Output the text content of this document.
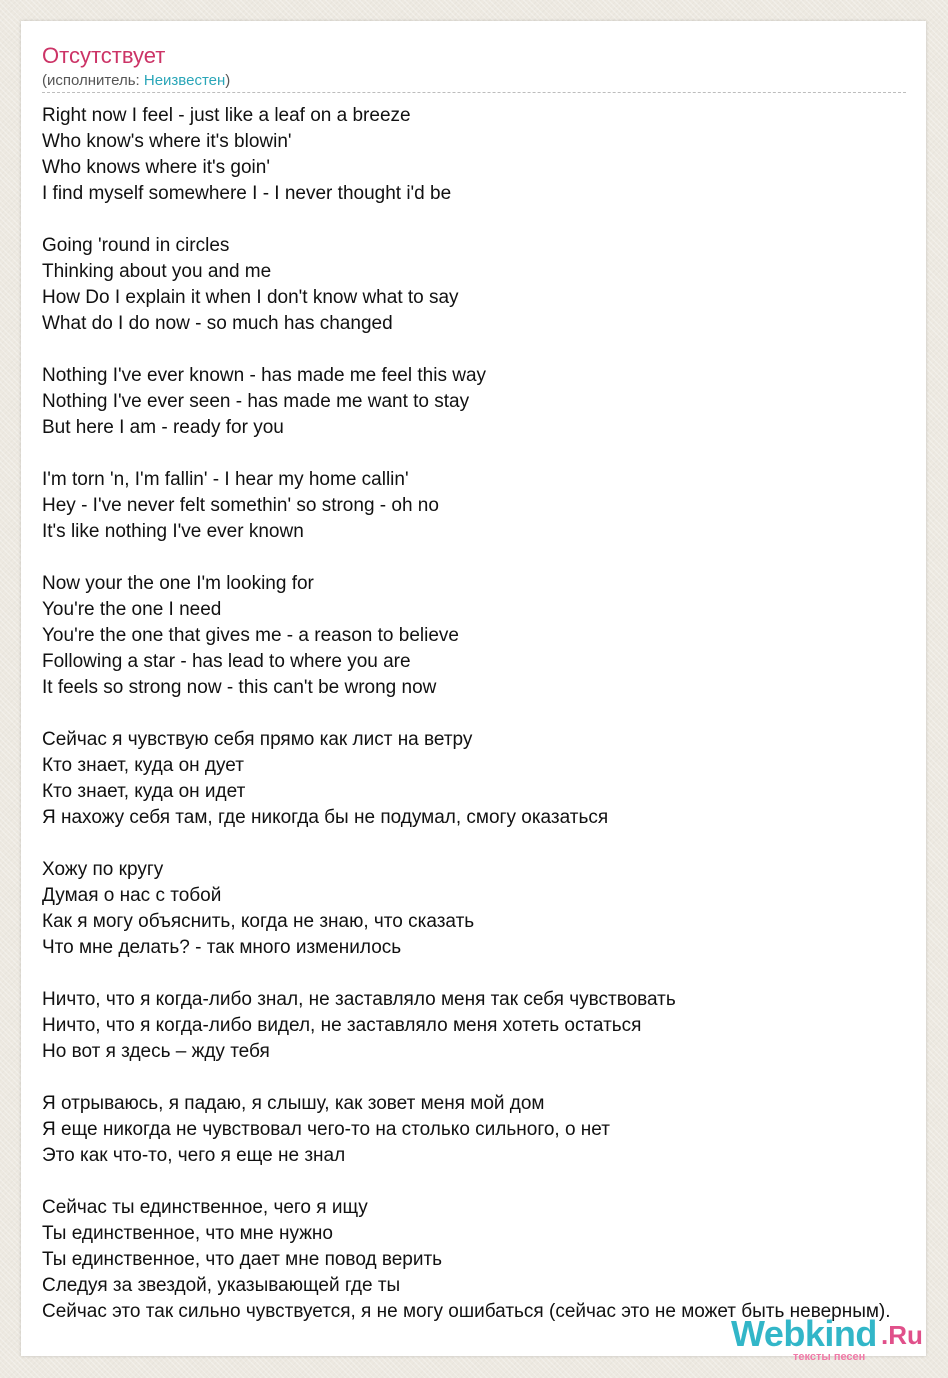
Отсутствует
(исполнитель: Неизвестен)
Right now I feel - just like a leaf on a breeze
Who know's where it's blowin'
Who knows where it's goin'
I find myself somewhere I - I never thought i'd be
Going 'round in circles
Thinking about you and me
How Do I explain it when I don't know what to say
What do I do now - so much has changed
Nothing I've ever known - has made me feel this way
Nothing I've ever seen - has made me want to stay
But here I am - ready for you
I'm torn 'n, I'm fallin' - I hear my home callin'
Hey - I've never felt somethin' so strong - oh no
It's like nothing I've ever known
Now your the one I'm looking for
You're the one I need
You're the one that gives me - a reason to believe
Following a star - has lead to where you are
It feels so strong now - this can't be wrong now
Сейчас я чувствую себя прямо как лист на ветру
Кто знает, куда он дует
Кто знает, куда он идет
Я нахожу себя там, где никогда бы не подумал, смогу оказаться
Хожу по кругу
Думая о нас с тобой
Как я могу объяснить, когда не знаю, что сказать
Что мне делать? - так много изменилось
Ничто, что я когда-либо знал, не заставляло меня так себя чувствовать
Ничто, что я когда-либо видел, не заставляло меня хотеть остаться
Но вот я здесь – жду тебя
Я отрываюсь, я падаю, я слышу, как зовет меня мой дом
Я еще никогда не чувствовал чего-то на столько сильного, о нет
Это как что-то, чего я еще не знал
Сейчас ты единственное, чего я ищу
Ты единственное, что мне нужно
Ты единственное, что дает мне повод верить
Следуя за звездой, указывающей где ты
Сейчас это так сильно чувствуется, я не могу ошибаться (сейчас это не может быть неверным).
Webkind .Ru
тексты песен
